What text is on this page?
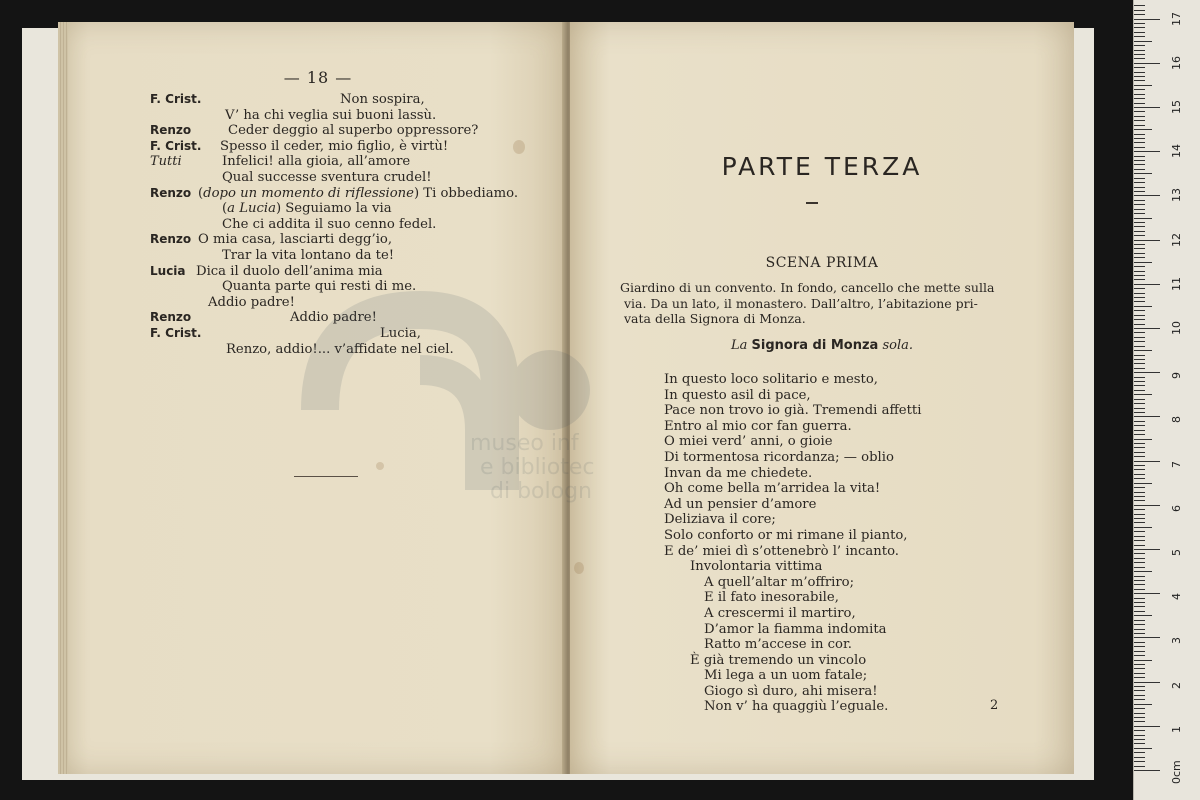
— 18 —
F. Crist.	Non sospira,
V’ ha chi veglia sui buoni lassù.
Renzo	Ceder deggio al superbo oppressore?
F. Crist. Spesso il ceder, mio figlio, è virtù!
Tutti	Infelici! alla gioia, all’amore
Qual successe sventura crudel!
Renzo (dopo un momento di riflessione) Ti obbediamo.
(a Lucia) Seguiamo la via
Che ci addita il suo cenno fedel.
Renzo O mia casa, lasciarti degg’io,
Trar la vita lontano da te!
Lucia Dica il duolo dell’anima mia
Quanta parte qui resti di me.
Addio padre!
Renzo	Addio padre!
F. Crist.	Lucia,
Renzo, addio!... v’affidate nel ciel.
PARTE TERZA
SCENA PRIMA
Giardino di un convento. In fondo, cancello che mette sulla
via. Da un lato, il monastero. Dall’altro, l’abitazione pri-
vata della Signora di Monza.
La Signora di Monza sola.
In questo loco solitario e mesto,
In questo asil di pace,
Pace non trovo io già. Tremendi affetti
Entro al mio cor fan guerra.
O miei verd’ anni, o gioie
Di tormentosa ricordanza; — oblio
Invan da me chiedete.
Oh come bella m’arridea la vita!
Ad un pensier d’amore
Deliziava il core;
Solo conforto or mi rimane il pianto,
E de’ miei dì s’ottenebrò l’ incanto.
Involontaria vittima
A quell’altar m’offriro;
E il fato inesorabile,
A crescermi il martiro,
D’amor la fiamma indomita
Ratto m’accese in cor.
È già tremendo un vincolo
Mi lega a un uom fatale;
Giogo sì duro, ahi misera!
Non v’ ha quaggiù l’eguale.	2
museo inf
e bibliotec
di bologn
17
16
15
14
13
12
11
10
9
8
7
6
5
4
3
2
1
0cm
